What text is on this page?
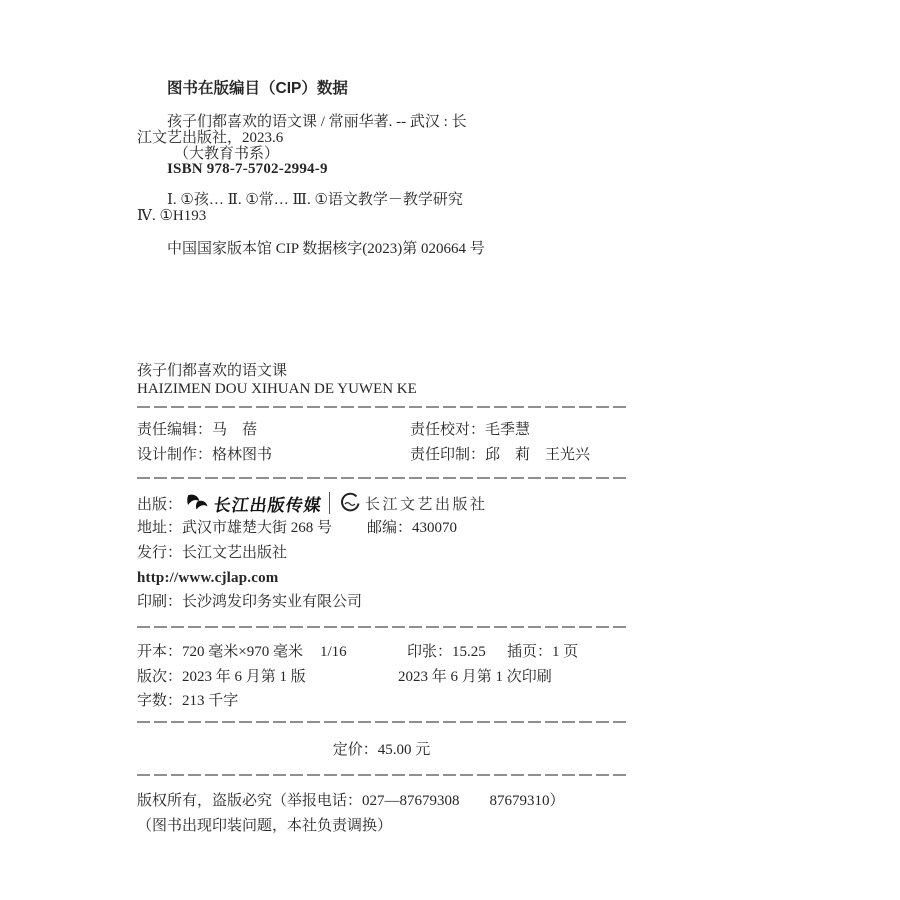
图书在版编目（CIP）数据
孩子们都喜欢的语文课 / 常丽华著. -- 武汉 : 长
江文艺出版社，2023.6
（大教育书系）
ISBN 978-7-5702-2994-9
Ⅰ. ①孩… Ⅱ. ①常… Ⅲ. ①语文教学－教学研究
Ⅳ. ①H193
中国国家版本馆 CIP 数据核字(2023)第 020664 号
孩子们都喜欢的语文课
HAIZIMEN DOU XIHUAN DE YUWEN KE
责任编辑：马　蓓	责任校对：毛季慧
设计制作：格林图书	责任印制：邱　莉　王光兴
出版： 长江出版传媒	长江文艺出版社
地址：武汉市雄楚大街 268 号 邮编：430070
发行：长江文艺出版社
http://www.cjlap.com
印刷：长沙鸿发印务实业有限公司
开本：720 毫米×970 毫米 1/16	印张：15.25 插页：1 页
版次：2023 年 6 月第 1 版	2023 年 6 月第 1 次印刷
字数：213 千字
定价：45.00 元
版权所有，盗版必究（举报电话：027—87679308　　87679310）
（图书出现印装问题，本社负责调换）
